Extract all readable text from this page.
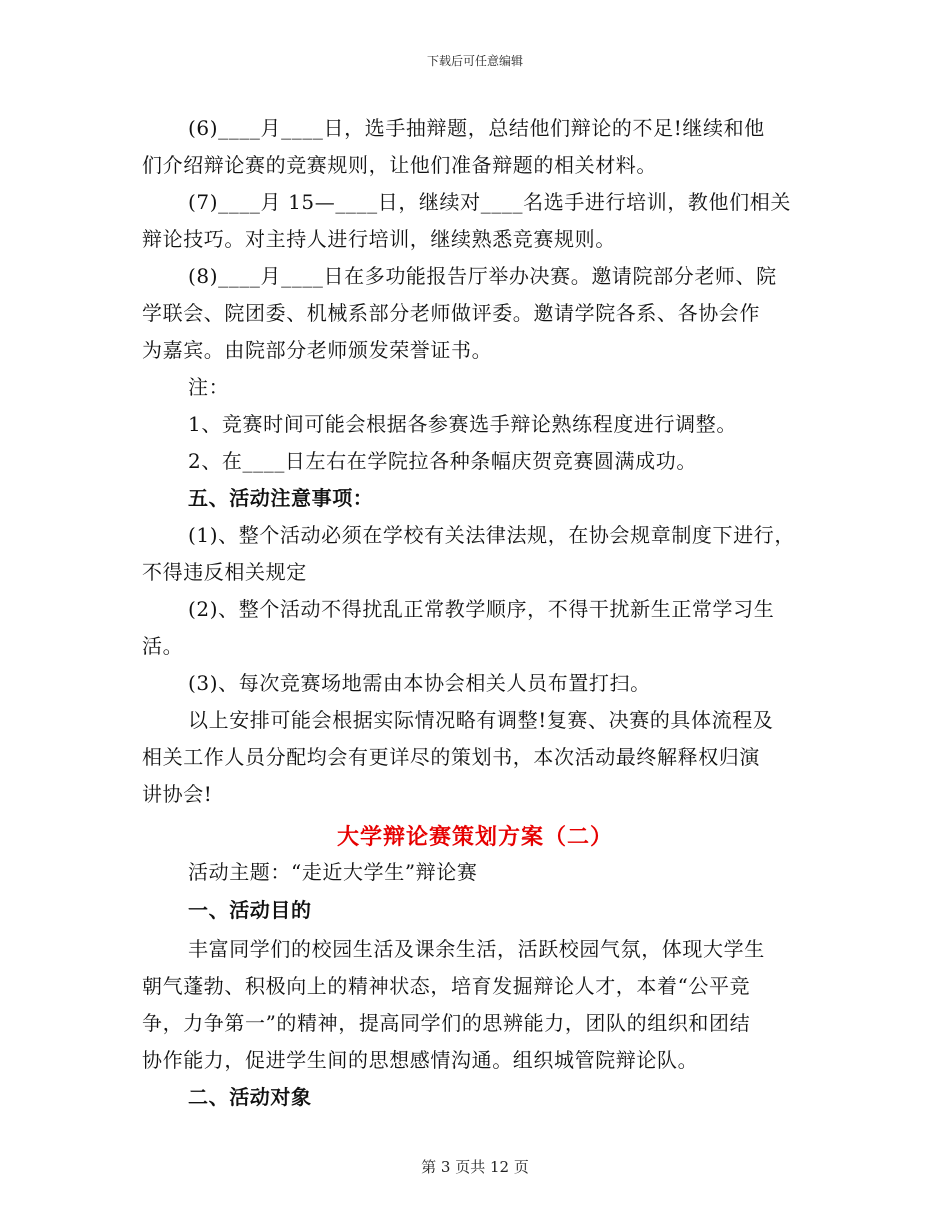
下载后可任意编辑
(6)____月____日，选手抽辩题，总结他们辩论的不足!继续和他
们介绍辩论赛的竞赛规则，让他们准备辩题的相关材料。
(7)____月 15—____日，继续对____名选手进行培训，教他们相关
辩论技巧。对主持人进行培训，继续熟悉竞赛规则。
(8)____月____日在多功能报告厅举办决赛。邀请院部分老师、院
学联会、院团委、机械系部分老师做评委。邀请学院各系、各协会作
为嘉宾。由院部分老师颁发荣誉证书。
注：
1、竞赛时间可能会根据各参赛选手辩论熟练程度进行调整。
2、在____日左右在学院拉各种条幅庆贺竞赛圆满成功。
五、活动注意事项：
(1)、整个活动必须在学校有关法律法规，在协会规章制度下进行，
不得违反相关规定
(2)、整个活动不得扰乱正常教学顺序，不得干扰新生正常学习生
活。
(3)、每次竞赛场地需由本协会相关人员布置打扫。
以上安排可能会根据实际情况略有调整!复赛、决赛的具体流程及
相关工作人员分配均会有更详尽的策划书，本次活动最终解释权归演
讲协会!
大学辩论赛策划方案（二）
活动主题：“走近大学生”辩论赛
一、活动目的
丰富同学们的校园生活及课余生活，活跃校园气氛，体现大学生
朝气蓬勃、积极向上的精神状态，培育发掘辩论人才，本着“公平竞
争，力争第一”的精神，提高同学们的思辨能力，团队的组织和团结
协作能力，促进学生间的思想感情沟通。组织城管院辩论队。
二、活动对象
第 3 页共 12 页
